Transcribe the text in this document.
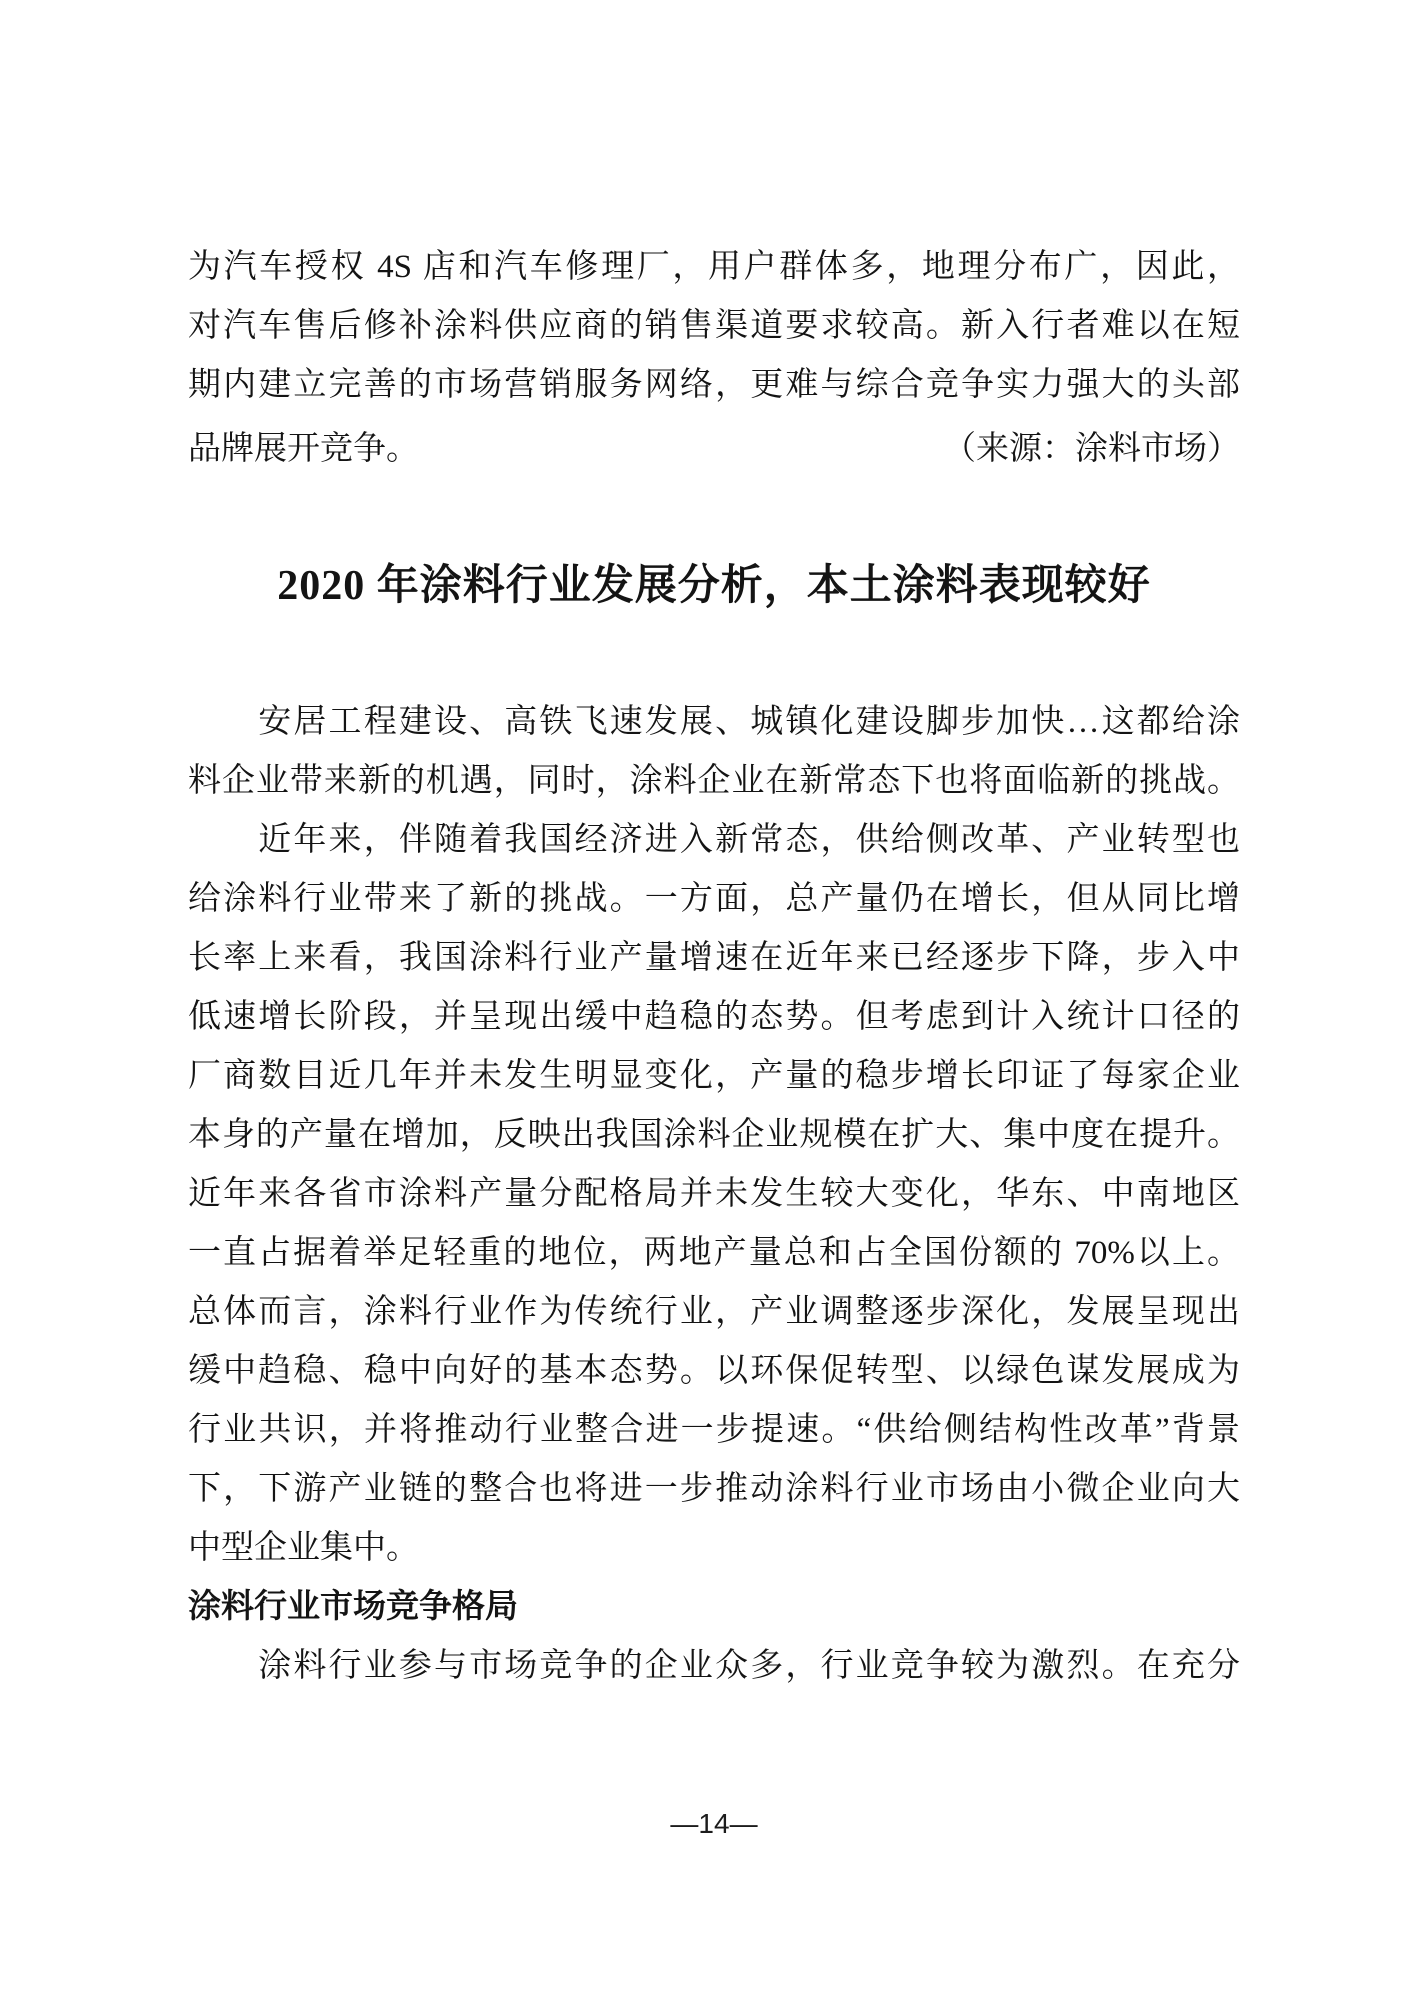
为汽车授权 4S 店和汽车修理厂，用户群体多，地理分布广，因此，
对汽车售后修补涂料供应商的销售渠道要求较高。新入行者难以在短
期内建立完善的市场营销服务网络，更难与综合竞争实力强大的头部
品牌展开竞争。	（来源：涂料市场）
2020 年涂料行业发展分析，本土涂料表现较好
　　安居工程建设、高铁飞速发展、城镇化建设脚步加快…这都给涂
料企业带来新的机遇，同时，涂料企业在新常态下也将面临新的挑战。
　　近年来，伴随着我国经济进入新常态，供给侧改革、产业转型也
给涂料行业带来了新的挑战。一方面，总产量仍在增长，但从同比增
长率上来看，我国涂料行业产量增速在近年来已经逐步下降，步入中
低速增长阶段，并呈现出缓中趋稳的态势。但考虑到计入统计口径的
厂商数目近几年并未发生明显变化，产量的稳步增长印证了每家企业
本身的产量在增加，反映出我国涂料企业规模在扩大、集中度在提升。
近年来各省市涂料产量分配格局并未发生较大变化，华东、中南地区
一直占据着举足轻重的地位，两地产量总和占全国份额的 70%以上。
总体而言，涂料行业作为传统行业，产业调整逐步深化，发展呈现出
缓中趋稳、稳中向好的基本态势。以环保促转型、以绿色谋发展成为
行业共识，并将推动行业整合进一步提速。“供给侧结构性改革”背景
下，下游产业链的整合也将进一步推动涂料行业市场由小微企业向大
中型企业集中。
涂料行业市场竞争格局
　　涂料行业参与市场竞争的企业众多，行业竞争较为激烈。在充分
—14—
